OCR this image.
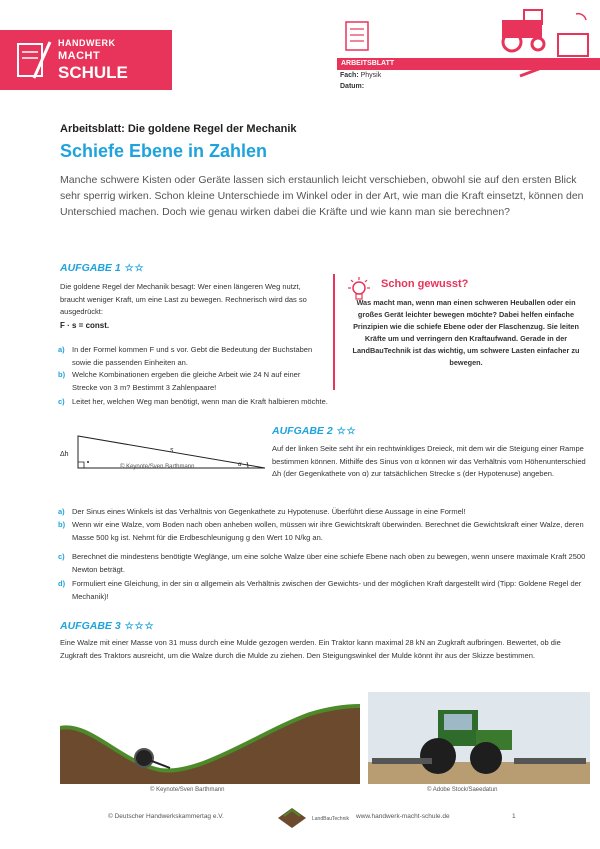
HANDWERK
MACHT
SCHULE	ARBEITSBLATT
Fach: Physik
Datum:
Arbeitsblatt: Die goldene Regel der Mechanik
Schiefe Ebene in Zahlen
Manche schwere Kisten oder Geräte lassen sich erstaunlich leicht verschieben, obwohl sie auf den ersten Blick sehr sperrig wirken. Schon kleine Unterschiede im Winkel oder in der Art, wie man die Kraft einsetzt, können den Unterschied machen. Doch wie genau wirken dabei die Kräfte und wie kann man sie berechnen?
AUFGABE 1 ☆☆
Die goldene Regel der Mechanik besagt: Wer einen längeren Weg nutzt, braucht weniger Kraft, um eine Last zu bewegen. Rechnerisch wird das so ausgedrückt:
F · s = const.
a) In der Formel kommen F und s vor. Gebt die Bedeutung der Buchstaben sowie die passenden Einheiten an.
b) Welche Kombinationen ergeben die gleiche Arbeit wie 24 N auf einer Strecke von 3 m? Bestimmt 3 Zahlenpaare!
c) Leitet her, welchen Weg man benötigt, wenn man die Kraft halbieren möchte.
Schon gewusst?
Was macht man, wenn man einen schweren Heuballen oder ein großes Gerät leichter bewegen möchte? Dabei helfen einfache Prinzipien wie die schiefe Ebene oder der Flaschenzug. Sie leiten Kräfte um und verringern den Kraftaufwand. Gerade in der LandBauTechnik ist das wichtig, um schwere Lasten einfacher zu bewegen.
Δh
s
α
© Keynote/Sven Barthmann
AUFGABE 2 ☆☆
Auf der linken Seite seht ihr ein rechtwinkliges Dreieck, mit dem wir die Steigung einer Rampe bestimmen können. Mithilfe des Sinus von α können wir das Verhältnis vom Höhenunterschied Δh (der Gegenkathete von α) zur tatsächlichen Strecke s (der Hypotenuse) angeben.
a) Der Sinus eines Winkels ist das Verhältnis von Gegenkathete zu Hypotenuse. Überführt diese Aussage in eine Formel!
b) Wenn wir eine Walze, vom Boden nach oben anheben wollen, müssen wir ihre Gewichtskraft überwinden. Berechnet die Gewichtskraft einer Walze, deren Masse 500 kg ist. Nehmt für die Erdbeschleunigung g den Wert 10 N/kg an.
c) Berechnet die mindestens benötigte Weglänge, um eine solche Walze über eine schiefe Ebene nach oben zu bewegen, wenn unsere maximale Kraft 2500 Newton beträgt.
d) Formuliert eine Gleichung, in der sin α allgemein als Verhältnis zwischen der Gewichts- und der möglichen Kraft dargestellt wird (Tipp: Goldene Regel der Mechanik)!
AUFGABE 3 ☆☆☆
Eine Walze mit einer Masse von 31 muss durch eine Mulde gezogen werden. Ein Traktor kann maximal 28 kN an Zugkraft aufbringen. Bewertet, ob die Zugkraft des Traktors ausreicht, um die Walze durch die Mulde zu ziehen. Den Steigungswinkel der Mulde könnt ihr aus der Skizze bestimmen.
© Keynote/Sven Barthmann	© Adobe Stock/Saeedatun
© Deutscher Handwerkskammertag e.V.	LandBauTechnik www.handwerk-macht-schule.de	1
